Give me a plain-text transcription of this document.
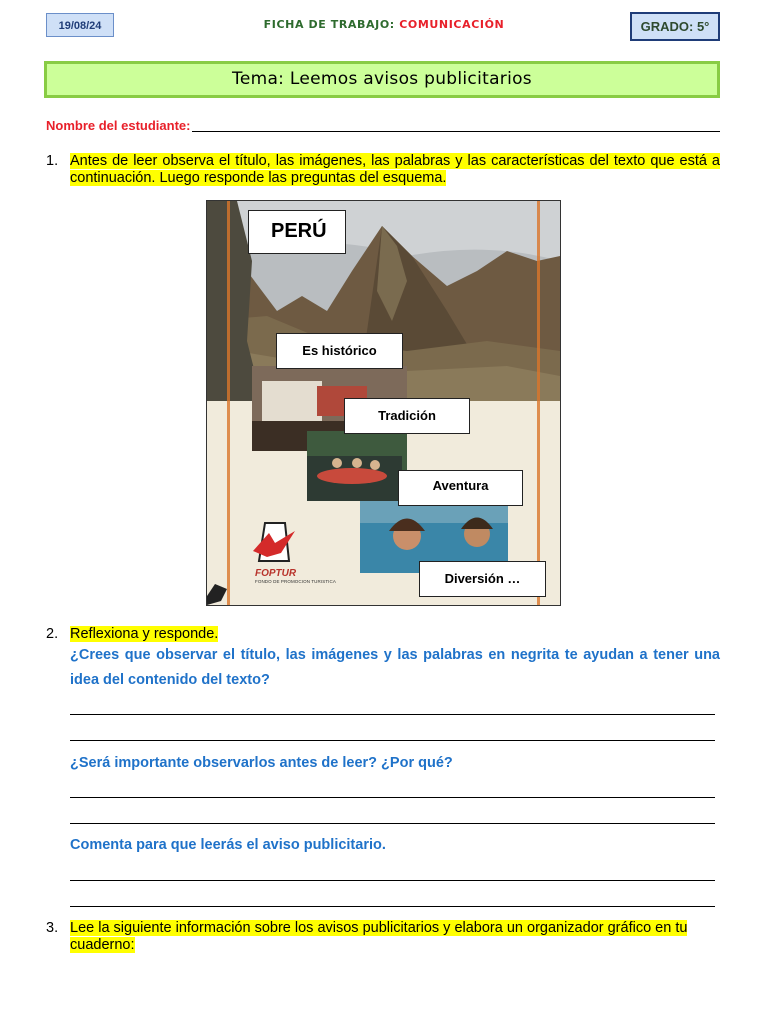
19/08/24	FICHA DE TRABAJO: COMUNICACIÓN	GRADO: 5°
Tema: Leemos avisos publicitarios
Nombre del estudiante:
1. Antes de leer observa el título, las imágenes, las palabras y las características del texto que está a continuación. Luego responde las preguntas del esquema.
PERÚ
Es histórico
Tradición
Aventura
Diversión …
FOPTUR
FONDO DE PROMOCION TURISTICA
2. Reflexiona y responde.
¿Crees que observar el título, las imágenes y las palabras en negrita te ayudan a tener una idea del contenido del texto?
¿Será importante observarlos antes de leer? ¿Por qué?
Comenta para que leerás el aviso publicitario.
3. Lee la siguiente información sobre los avisos publicitarios y elabora un organizador gráfico en tu cuaderno:
